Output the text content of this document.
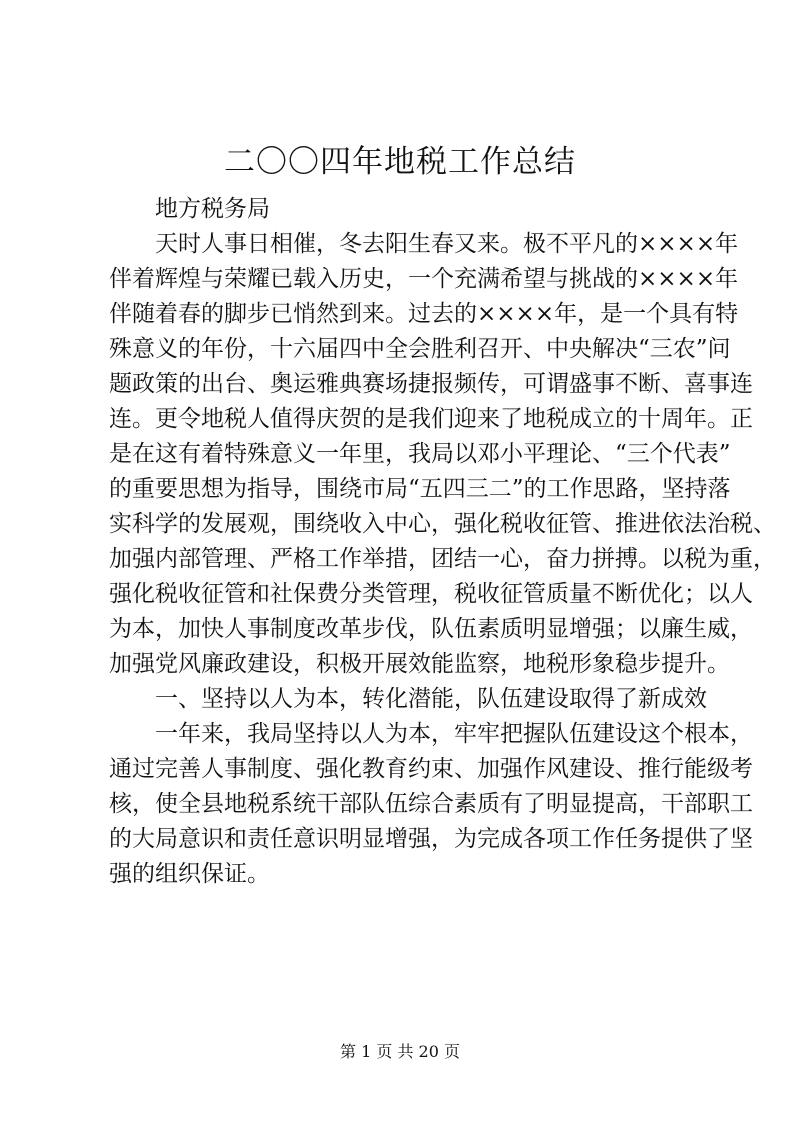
二〇〇四年地税工作总结
地方税务局
天时人事日相催，冬去阳生春又来。极不平凡的××××年
伴着辉煌与荣耀已载入历史，一个充满希望与挑战的××××年
伴随着春的脚步已悄然到来。过去的××××年，是一个具有特
殊意义的年份，十六届四中全会胜利召开、中央解决“三农”问
题政策的出台、奥运雅典赛场捷报频传，可谓盛事不断、喜事连
连。更令地税人值得庆贺的是我们迎来了地税成立的十周年。正
是在这有着特殊意义一年里，我局以邓小平理论、“三个代表”
的重要思想为指导，围绕市局“五四三二”的工作思路，坚持落
实科学的发展观，围绕收入中心，强化税收征管、推进依法治税、
加强内部管理、严格工作举措，团结一心，奋力拼搏。以税为重，
强化税收征管和社保费分类管理，税收征管质量不断优化；以人
为本，加快人事制度改革步伐，队伍素质明显增强；以廉生威，
加强党风廉政建设，积极开展效能监察，地税形象稳步提升。
一、坚持以人为本，转化潜能，队伍建设取得了新成效
一年来，我局坚持以人为本，牢牢把握队伍建设这个根本，
通过完善人事制度、强化教育约束、加强作风建设、推行能级考
核，使全县地税系统干部队伍综合素质有了明显提高，干部职工
的大局意识和责任意识明显增强，为完成各项工作任务提供了坚
强的组织保证。
第 1 页 共 20 页
